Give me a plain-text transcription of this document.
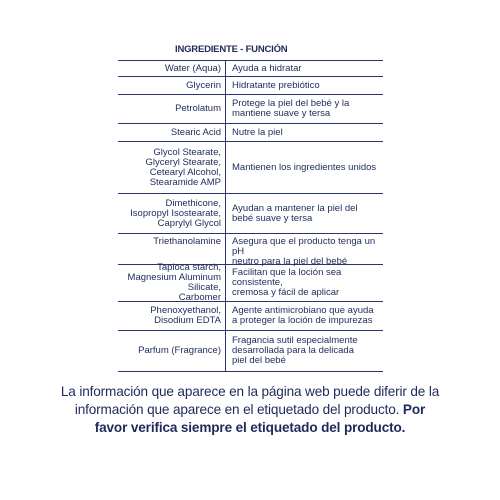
INGREDIENTE - FUNCIÓN
Water (Aqua) Ayuda a hidratar
Glycerin Hidratante prebiótico
Petrolatum Protege la piel del bebé y la
mantiene suave y tersa
Stearic Acid Nutre la piel
Glycol Stearate,
Glyceryl Stearate,
Cetearyl Alcohol,
Stearamide AMP
Mantienen los ingredientes unidos
Dimethicone,
Isopropyl Isostearate,
Caprylyl Glycol
Ayudan a mantener la piel del
bebé suave y tersa
Triethanolamine Asegura que el producto tenga un pH
neutro para la piel del bebé
Tapioca starch,
Magnesium Aluminum Silicate,
Carbomer
Facilitan que la loción sea consistente,
cremosa y fácil de aplicar
Phenoxyethanol,
Disodium EDTA
Agente antimicrobiano que ayuda
a proteger la loción de impurezas
Parfum (Fragrance)
Fragancia sutil especialmente
desarrollada para la delicada
piel del bebé
La información que aparece en la página web puede diferir de la información que aparece en el etiquetado del producto. Por favor verifica siempre el etiquetado del producto.
